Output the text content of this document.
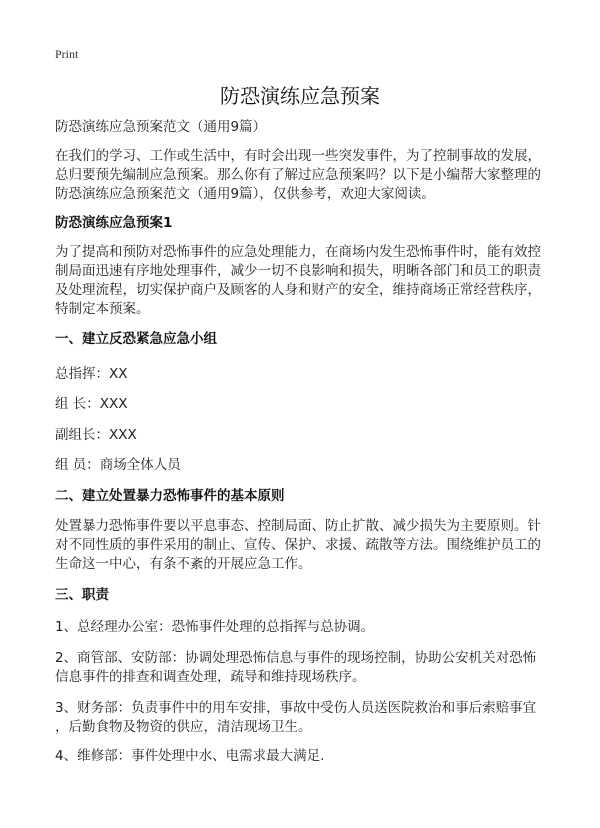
Print
防恐演练应急预案
防恐演练应急预案范文（通用9篇）
在我们的学习、工作或生活中，有时会出现一些突发事件，为了控制事故的发展，
总归要预先编制应急预案。那么你有了解过应急预案吗？以下是小编帮大家整理的
防恐演练应急预案范文（通用9篇），仅供参考，欢迎大家阅读。
防恐演练应急预案1
为了提高和预防对恐怖事件的应急处理能力，在商场内发生恐怖事件时，能有效控
制局面迅速有序地处理事件，减少一切不良影响和损失，明晰各部门和员工的职责
及处理流程，切实保护商户及顾客的人身和财产的安全，维持商场正常经营秩序，
特制定本预案。
一、建立反恐紧急应急小组
总指挥：XX
组 长：XXX
副组长：XXX
组 员：商场全体人员
二、建立处置暴力恐怖事件的基本原则
处置暴力恐怖事件要以平息事态、控制局面、防止扩散、减少损失为主要原则。针
对不同性质的事件采用的制止、宣传、保护、求援、疏散等方法。围绕维护员工的
生命这一中心，有条不紊的开展应急工作。
三、职责
1、总经理办公室：恐怖事件处理的总指挥与总协调。
2、商管部、安防部：协调处理恐怖信息与事件的现场控制，协助公安机关对恐怖
信息事件的排查和调查处理，疏导和维持现场秩序。
3、财务部：负责事件中的用车安排，事故中受伤人员送医院救治和事后索赔事宜
，后勤食物及物资的供应，清洁现场卫生。
4、维修部：事件处理中水、电需求最大满足.
